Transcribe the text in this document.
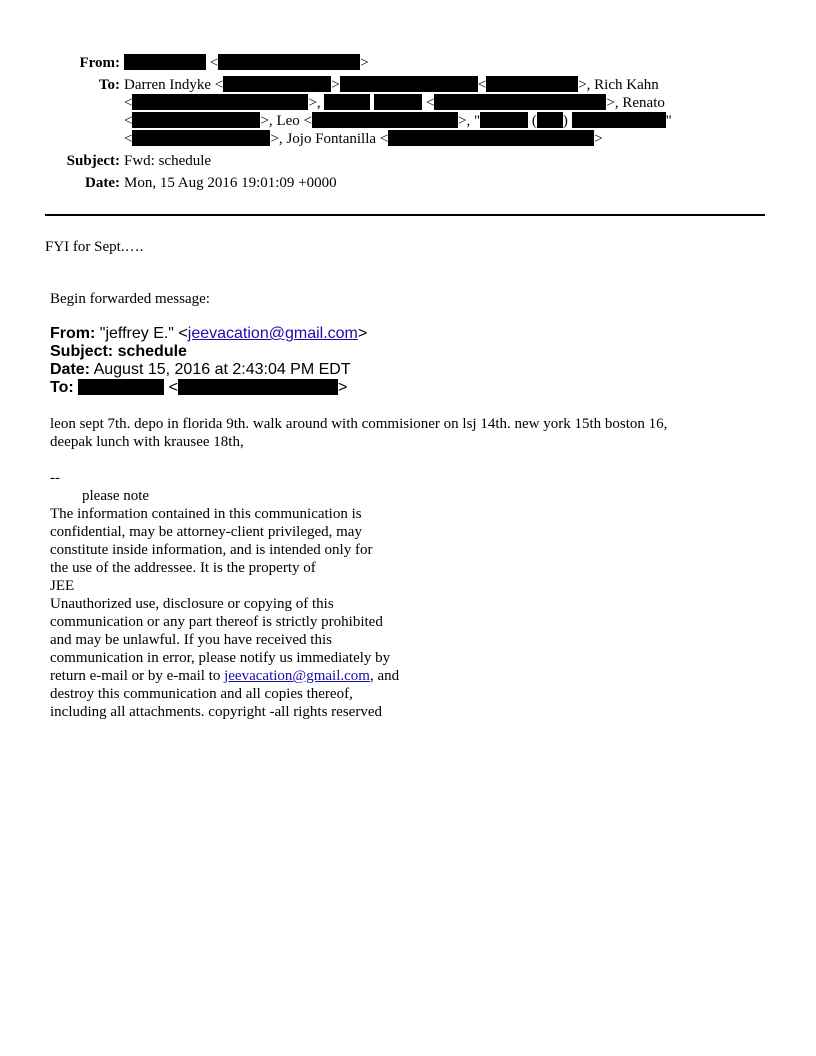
From:	<	>
To: Darren Indyke <	>	<	>, Rich Kahn
<	>,	<	>, Renato
<	>, Leo <	>, "	( )	"
<	>, Jojo Fontanilla <	>
Subject: Fwd: schedule
Date: Mon, 15 Aug 2016 19:01:09 +0000
FYI for Sept.….
Begin forwarded message:
From: "jeffrey E." <jeevacation@gmail.com>
Subject: schedule
Date: August 15, 2016 at 2:43:04 PM EDT
To:	<	>
leon sept 7th. depo in florida 9th. walk around with commisioner on lsj 14th. new york 15th boston 16,
deepak lunch with krausee 18th,
--
please note
The information contained in this communication is
confidential, may be attorney-client privileged, may
constitute inside information, and is intended only for
the use of the addressee. It is the property of
JEE
Unauthorized use, disclosure or copying of this
communication or any part thereof is strictly prohibited
and may be unlawful. If you have received this
communication in error, please notify us immediately by
return e-mail or by e-mail to jeevacation@gmail.com, and
destroy this communication and all copies thereof,
including all attachments. copyright -all rights reserved
